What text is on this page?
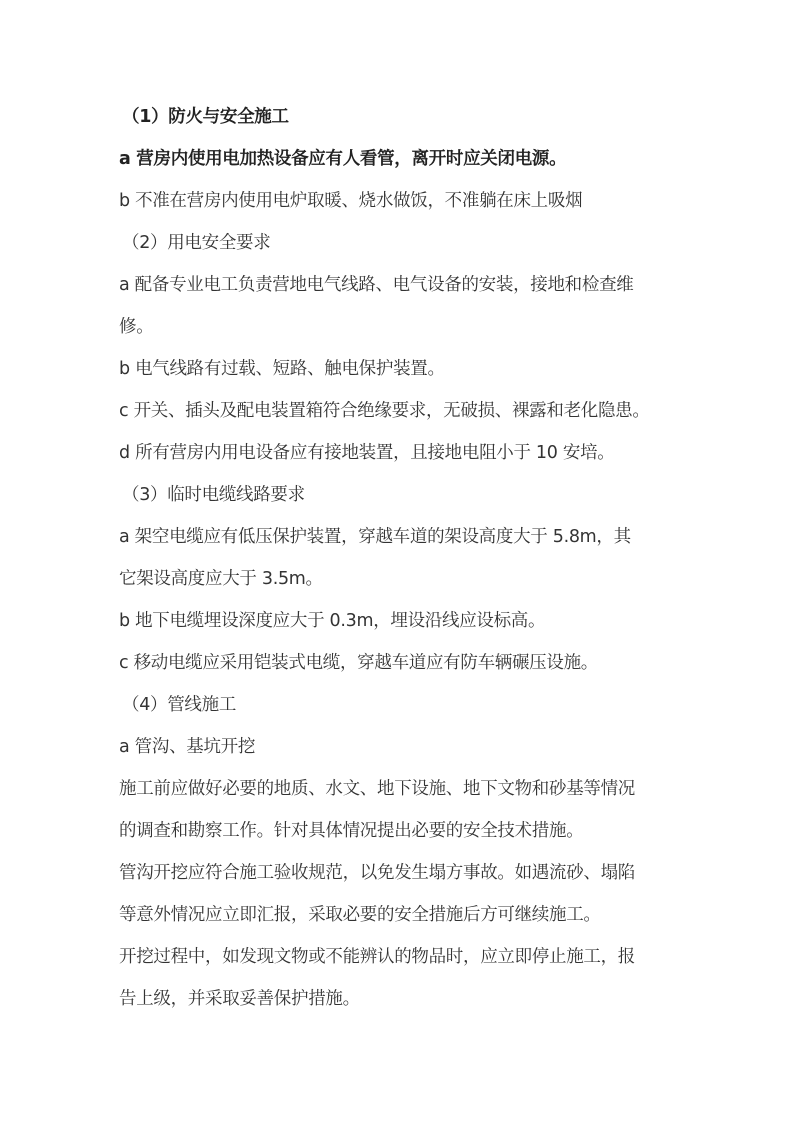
（1）防火与安全施工
a 营房内使用电加热设备应有人看管，离开时应关闭电源。
b 不准在营房内使用电炉取暖、烧水做饭，不准躺在床上吸烟
（2）用电安全要求
a 配备专业电工负责营地电气线路、电气设备的安装，接地和检查维
修。
b 电气线路有过载、短路、触电保护装置。
c 开关、插头及配电装置箱符合绝缘要求，无破损、裸露和老化隐患。
d 所有营房内用电设备应有接地装置，且接地电阻小于 10 安培。
（3）临时电缆线路要求
a 架空电缆应有低压保护装置，穿越车道的架设高度大于 5.8m，其
它架设高度应大于 3.5m。
b 地下电缆埋设深度应大于 0.3m，埋设沿线应设标高。
c 移动电缆应采用铠装式电缆，穿越车道应有防车辆碾压设施。
（4）管线施工
a 管沟、基坑开挖
施工前应做好必要的地质、水文、地下设施、地下文物和砂基等情况
的调查和勘察工作。针对具体情况提出必要的安全技术措施。
管沟开挖应符合施工验收规范，以免发生塌方事故。如遇流砂、塌陷
等意外情况应立即汇报，采取必要的安全措施后方可继续施工。
开挖过程中，如发现文物或不能辨认的物品时，应立即停止施工，报
告上级，并采取妥善保护措施。
